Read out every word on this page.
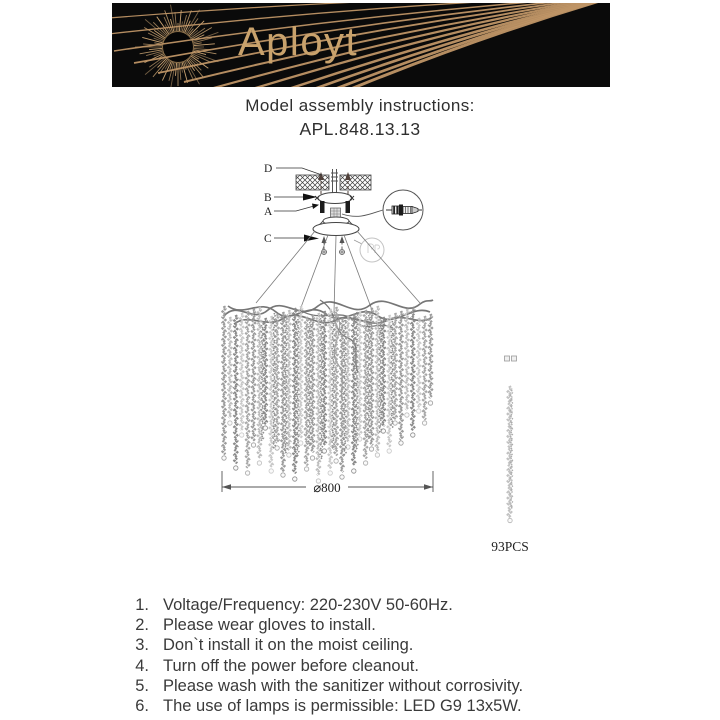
Aployt
Model assembly instructions:
APL.848.13.13
D
B
A
C
⌀800
93PCS
1. Voltage/Frequency: 220-230V 50-60Hz.
2. Please wear gloves to install.
3. Don`t install it on the moist ceiling.
4. Turn off the power before cleanout.
5. Please wash with the sanitizer without corrosivity.
6. The use of lamps is permissible: LED G9 13x5W.
